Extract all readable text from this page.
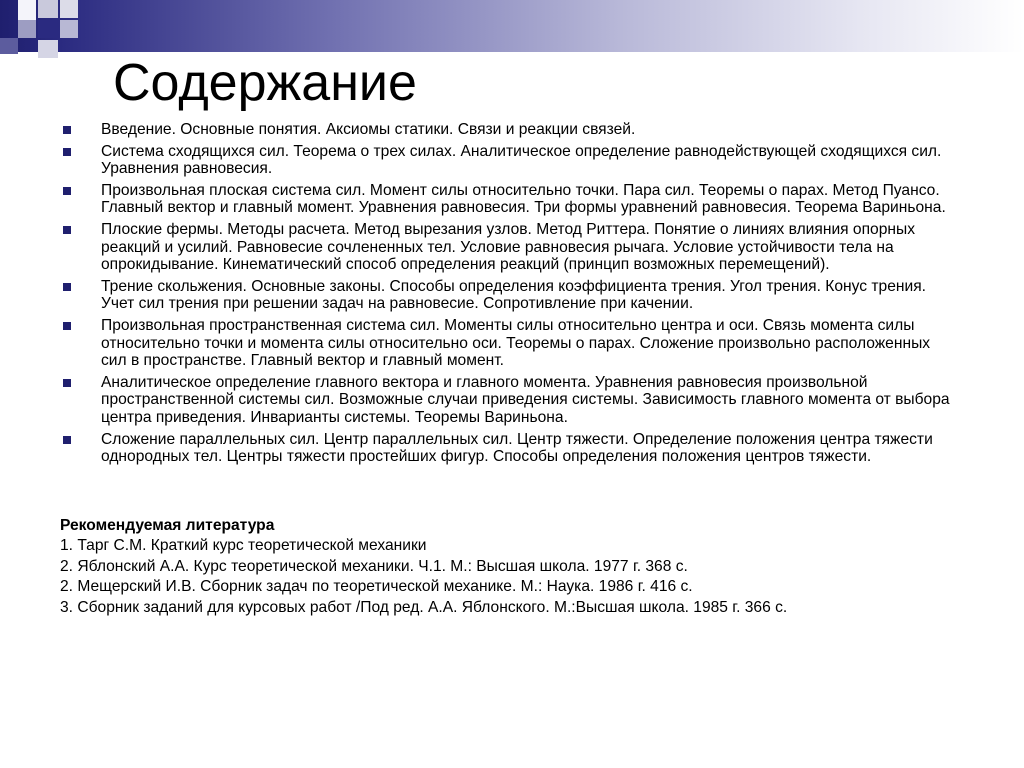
Содержание
Введение. Основные понятия. Аксиомы статики. Связи и реакции связей.
Система сходящихся сил. Теорема о трех силах. Аналитическое определение равнодействующей сходящихся сил. Уравнения равновесия.
Произвольная плоская система сил. Момент силы относительно точки. Пара сил. Теоремы о парах. Метод Пуансо. Главный вектор и главный момент. Уравнения равновесия. Три формы уравнений равновесия. Теорема Вариньона.
Плоские фермы. Методы расчета. Метод вырезания узлов. Метод Риттера. Понятие о линиях влияния опорных реакций и усилий. Равновесие сочлененных тел. Условие равновесия рычага. Условие устойчивости тела на опрокидывание. Кинематический способ определения реакций (принцип возможных перемещений).
Трение скольжения. Основные законы. Способы определения коэффициента трения. Угол трения. Конус трения. Учет сил трения при решении задач на равновесие. Сопротивление при качении.
Произвольная пространственная система сил. Моменты силы относительно центра и оси. Связь момента силы относительно точки и момента силы относительно оси. Теоремы о парах. Сложение произвольно расположенных сил в пространстве. Главный вектор и главный момент.
Аналитическое определение главного вектора и главного момента. Уравнения равновесия произвольной пространственной системы сил. Возможные случаи приведения системы. Зависимость главного момента от выбора центра приведения. Инварианты системы. Теоремы Вариньона.
Сложение параллельных сил. Центр параллельных сил. Центр тяжести. Определение положения центра тяжести однородных тел. Центры тяжести простейших фигур. Способы определения положения центров тяжести.
Рекомендуемая литература
1. Тарг С.М. Краткий курс теоретической механики
2. Яблонский А.А. Курс теоретической механики. Ч.1. М.: Высшая школа. 1977 г. 368 с.
2. Мещерский И.В. Сборник задач по теоретической механике. М.: Наука. 1986 г. 416 с.
3. Сборник заданий для курсовых работ /Под ред. А.А. Яблонского. М.:Высшая школа. 1985 г. 366 с.
